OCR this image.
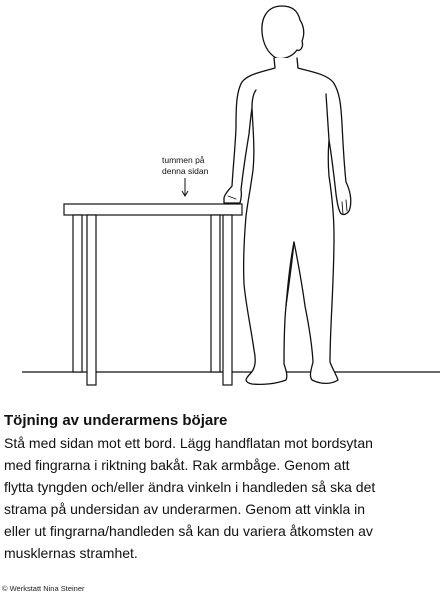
tummen på
denna sidan
Töjning av underarmens böjare

Stå med sidan mot ett bord. Lägg handflatan mot bordsytan
med fingrarna i riktning bakåt. Rak armbåge. Genom att
flytta tyngden och/eller ändra vinkeln i handleden så ska det
strama på undersidan av underarmen. Genom att vinkla in
eller ut fingrarna/handleden så kan du variera åtkomsten av
musklernas stramhet.

© Werkstatt Nina Steiner
